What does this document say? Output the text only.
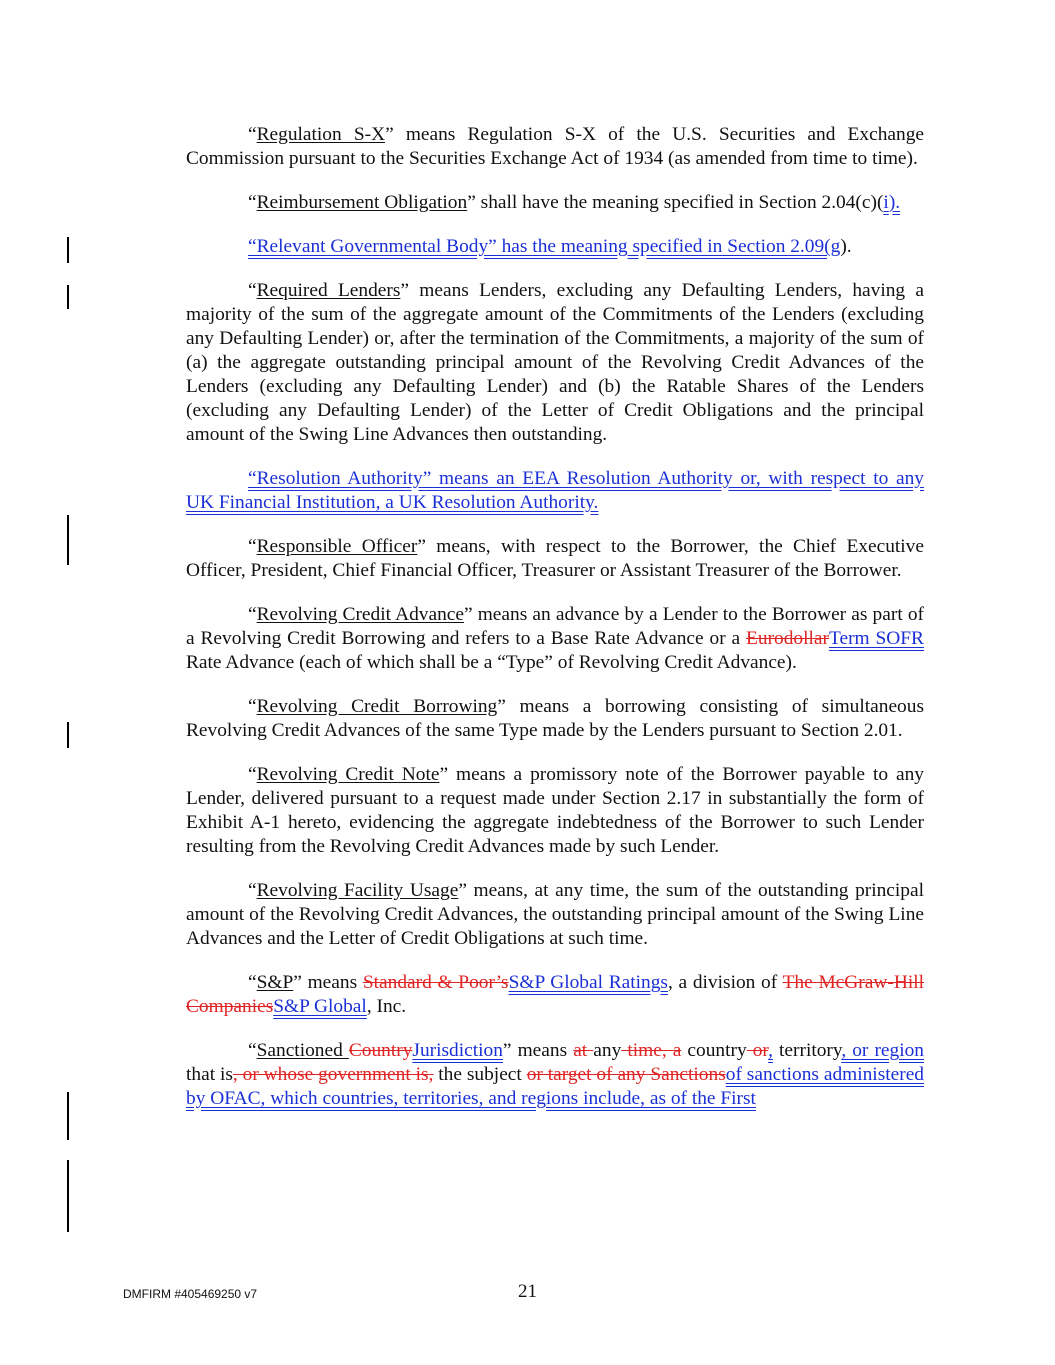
“Regulation S-X” means Regulation S-X of the U.S. Securities and Exchange Commission pursuant to the Securities Exchange Act of 1934 (as amended from time to time).

“Reimbursement Obligation” shall have the meaning specified in Section 2.04(c)(i).

“Relevant Governmental Body” has the meaning specified in Section 2.09(g).

“Required Lenders” means Lenders, excluding any Defaulting Lenders, having a majority of the sum of the aggregate amount of the Commitments of the Lenders (excluding any Defaulting Lender) or, after the termination of the Commitments, a majority of the sum of (a) the aggregate outstanding principal amount of the Revolving Credit Advances of the Lenders (excluding any Defaulting Lender) and (b) the Ratable Shares of the Lenders (excluding any Defaulting Lender) of the Letter of Credit Obligations and the principal amount of the Swing Line Advances then outstanding.

“Resolution Authority” means an EEA Resolution Authority or, with respect to any UK Financial Institution, a UK Resolution Authority.

“Responsible Officer” means, with respect to the Borrower, the Chief Executive Officer, President, Chief Financial Officer, Treasurer or Assistant Treasurer of the Borrower.

“Revolving Credit Advance” means an advance by a Lender to the Borrower as part of a Revolving Credit Borrowing and refers to a Base Rate Advance or a EurodollarTerm SOFR Rate Advance (each of which shall be a “Type” of Revolving Credit Advance).

“Revolving Credit Borrowing” means a borrowing consisting of simultaneous Revolving Credit Advances of the same Type made by the Lenders pursuant to Section 2.01.

“Revolving Credit Note” means a promissory note of the Borrower payable to any Lender, delivered pursuant to a request made under Section 2.17 in substantially the form of Exhibit A-1 hereto, evidencing the aggregate indebtedness of the Borrower to such Lender resulting from the Revolving Credit Advances made by such Lender.

“Revolving Facility Usage” means, at any time, the sum of the outstanding principal amount of the Revolving Credit Advances, the outstanding principal amount of the Swing Line Advances and the Letter of Credit Obligations at such time.

“S&P” means Standard & Poor’sS&P Global Ratings, a division of The McGraw-Hill CompaniesS&P Global, Inc.

“Sanctioned CountryJurisdiction” means at any time, a country or, territory, or region that is, or whose government is, the subject or target of any Sanctionsof sanctions administered by OFAC, which countries, territories, and regions include, as of the First

DMFIRM #405469250 v7	21
